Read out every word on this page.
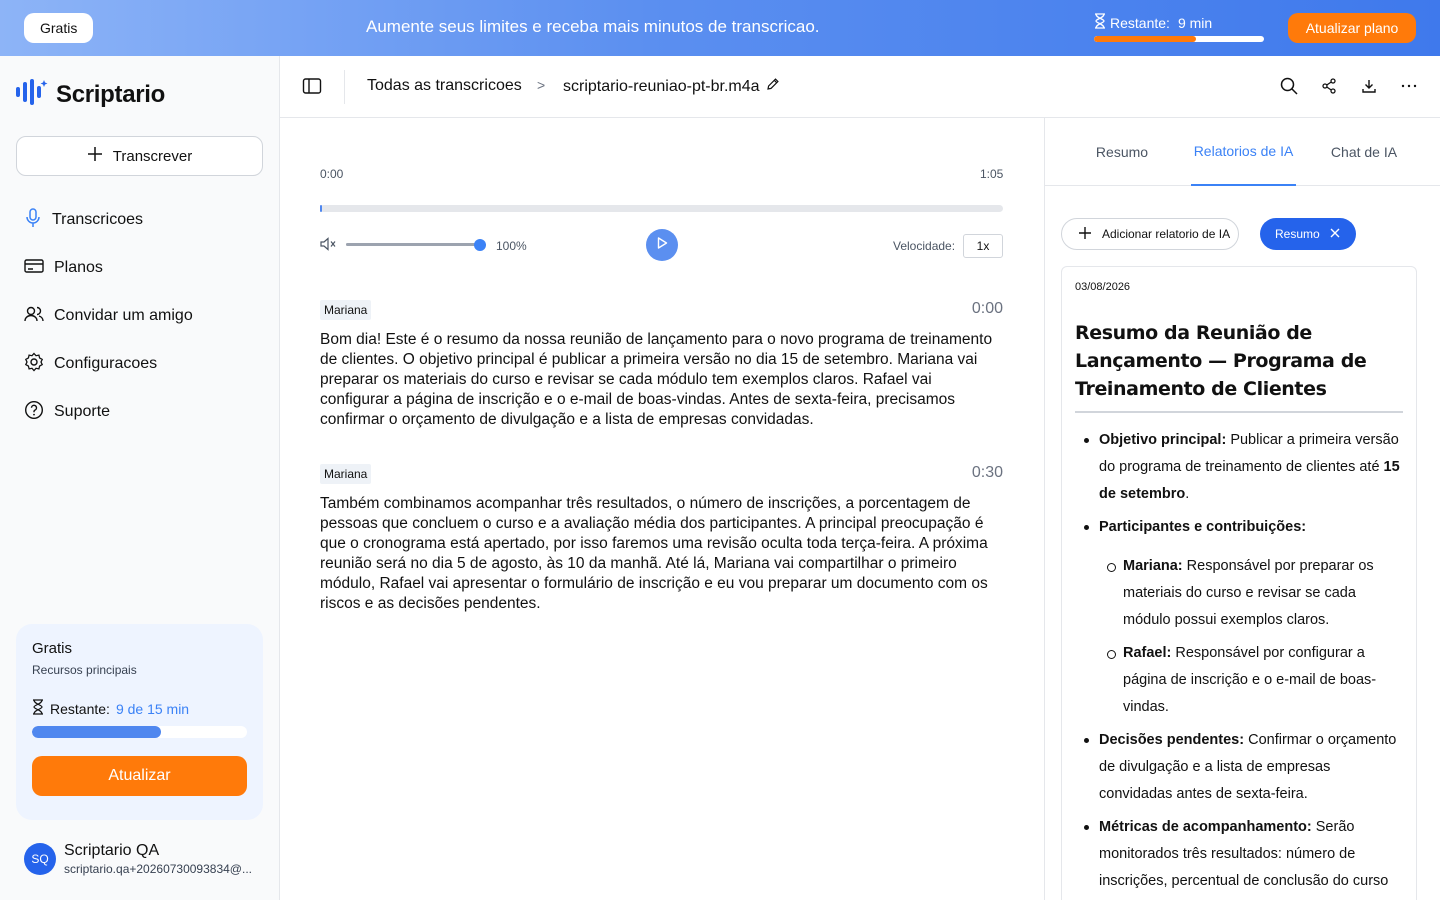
Gratis	Aumente seus limites e receba mais minutos de transcricao.	Restante: 9 min	Atualizar plano
Scriptario
Transcrever
Transcricoes
Planos
Convidar um amigo
Configuracoes
Suporte
Gratis
Recursos principais
Restante: 9 de 15 min
Atualizar
SQ Scriptario QA
scriptario.qa+20260730093834@...
Todas as transcricoes > scriptario-reuniao-pt-br.m4a
0:00	1:05
100%	Velocidade:	1x
Mariana	0:00
Bom dia! Este é o resumo da nossa reunião de lançamento para o novo programa de treinamento de clientes. O objetivo principal é publicar a primeira versão no dia 15 de setembro. Mariana vai preparar os materiais do curso e revisar se cada módulo tem exemplos claros. Rafael vai configurar a página de inscrição e o e-mail de boas-vindas. Antes de sexta-feira, precisamos confirmar o orçamento de divulgação e a lista de empresas convidadas.
Mariana	0:30
Também combinamos acompanhar três resultados, o número de inscrições, a porcentagem de pessoas que concluem o curso e a avaliação média dos participantes. A principal preocupação é que o cronograma está apertado, por isso faremos uma revisão oculta toda terça-feira. A próxima reunião será no dia 5 de agosto, às 10 da manhã. Até lá, Mariana vai compartilhar o primeiro módulo, Rafael vai apresentar o formulário de inscrição e eu vou preparar um documento com os riscos e as decisões pendentes.
Resumo	Relatorios de IA	Chat de IA
Adicionar relatorio de IA	Resumo
03/08/2026
Resumo da Reunião de Lançamento — Programa de Treinamento de Clientes
Objetivo principal: Publicar a primeira versão do programa de treinamento de clientes até 15 de setembro.
Participantes e contribuições:
Mariana: Responsável por preparar os materiais do curso e revisar se cada módulo possui exemplos claros.
Rafael: Responsável por configurar a página de inscrição e o e-mail de boas-vindas.
Decisões pendentes: Confirmar o orçamento de divulgação e a lista de empresas convidadas antes de sexta-feira.
Métricas de acompanhamento: Serão monitorados três resultados: número de inscrições, percentual de conclusão do curso
